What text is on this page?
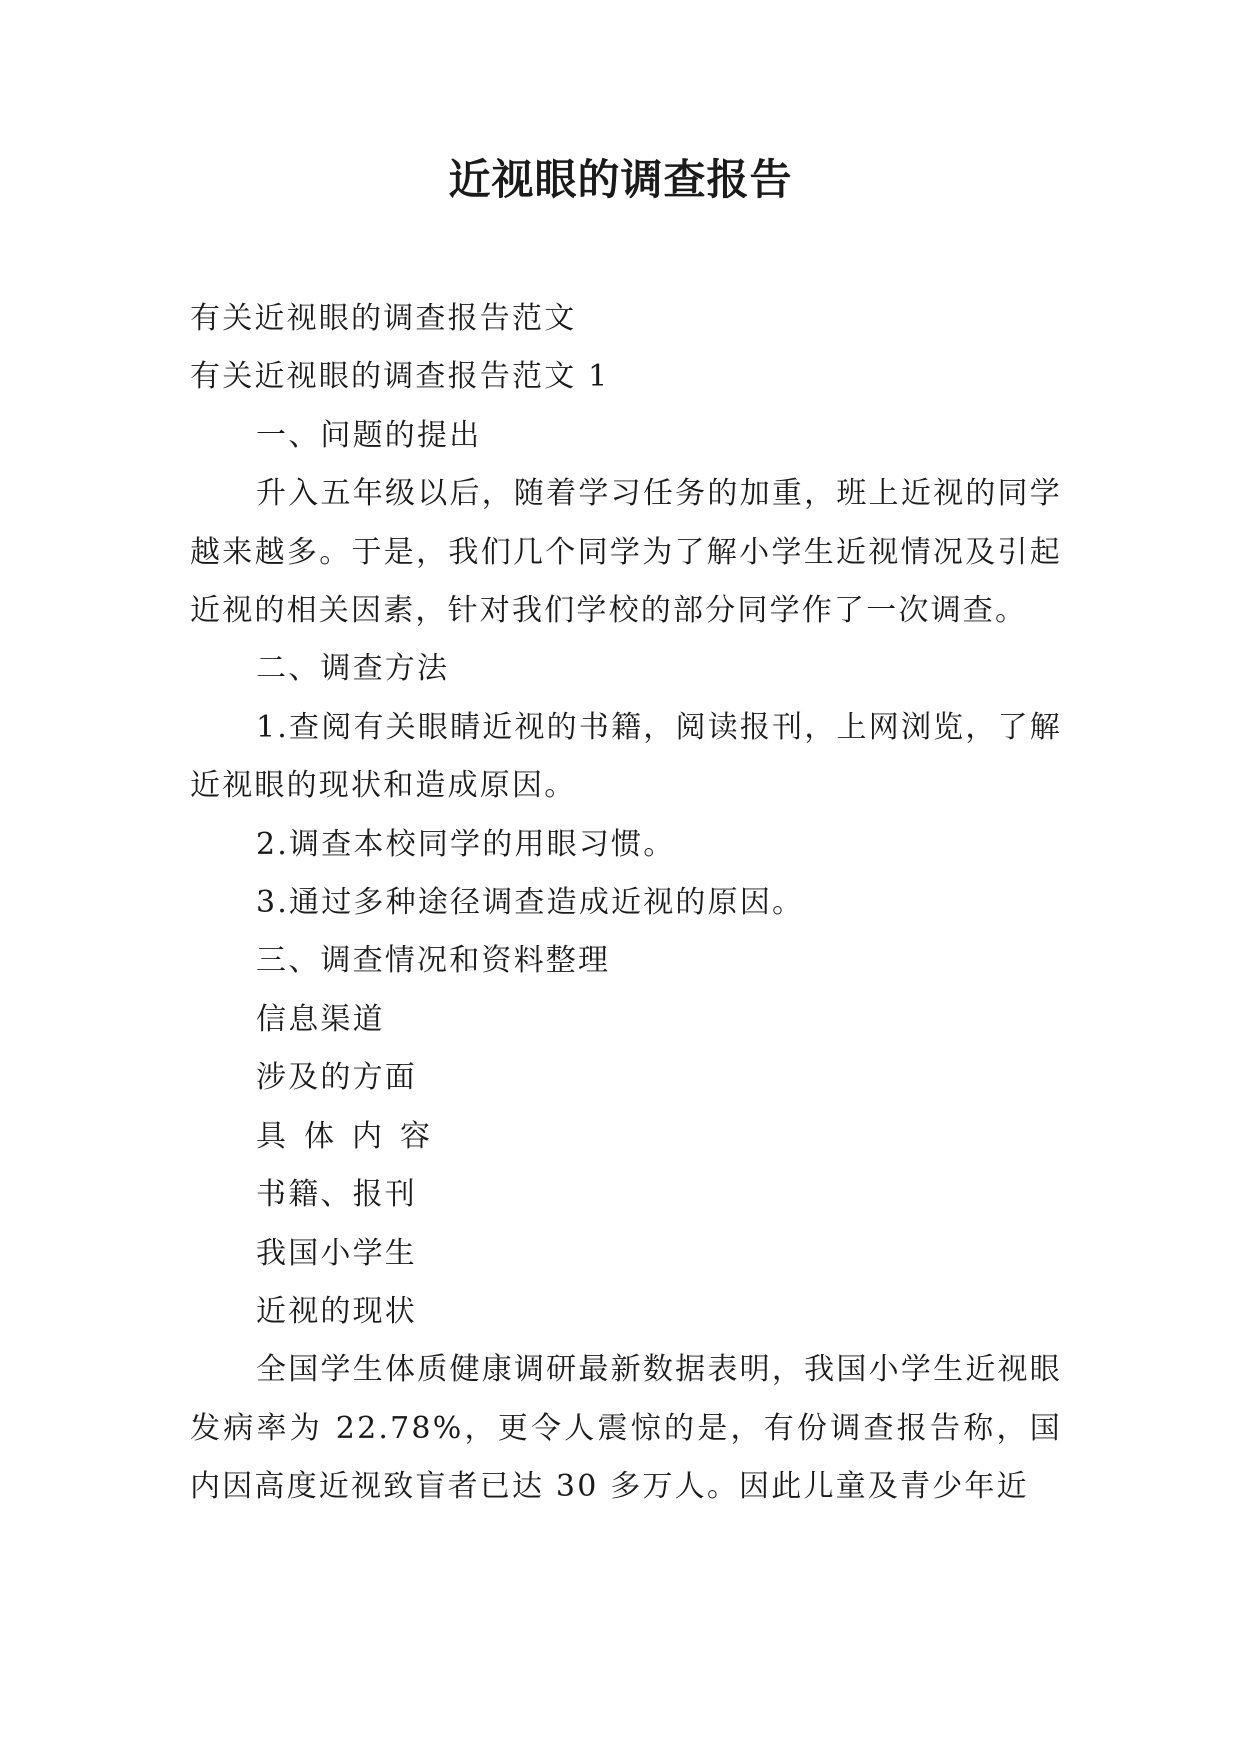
近视眼的调查报告

有关近视眼的调查报告范文

有关近视眼的调查报告范文 1

一、问题的提出

升入五年级以后，随着学习任务的加重，班上近视的同学越来越多。于是，我们几个同学为了解小学生近视情况及引起近视的相关因素，针对我们学校的部分同学作了一次调查。

二、调查方法

1.查阅有关眼睛近视的书籍，阅读报刊，上网浏览，了解近视眼的现状和造成原因。

2.调查本校同学的用眼习惯。

3.通过多种途径调查造成近视的原因。

三、调查情况和资料整理

信息渠道

涉及的方面

具体内容

书籍、报刊

我国小学生

近视的现状

全国学生体质健康调研最新数据表明，我国小学生近视眼发病率为 22.78%，更令人震惊的是，有份调查报告称，国内因高度近视致盲者已达 30 多万人。因此儿童及青少年近
